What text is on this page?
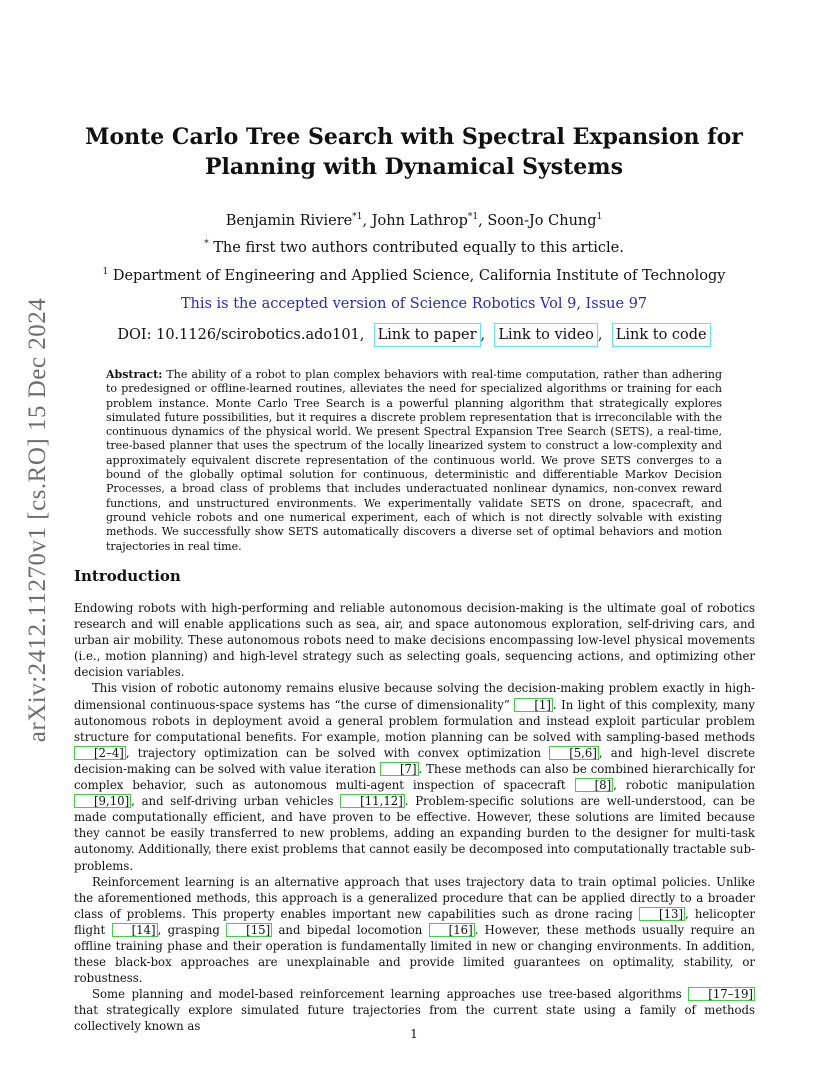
arXiv:2412.11270v1 [cs.RO] 15 Dec 2024
Monte Carlo Tree Search with Spectral Expansion for Planning with Dynamical Systems
Benjamin Riviere$^{*1}$, John Lathrop$^{*1}$, Soon-Jo Chung$^1$
* The first two authors contributed equally to this article.
$^1$ Department of Engineering and Applied Science, California Institute of Technology
This is the accepted version of Science Robotics Vol 9, Issue 97
DOI: 10.1126/scirobotics.ado101, Link to paper ,  Link to video ,  Link to code
Abstract: The ability of a robot to plan complex behaviors with real-time computation, rather than adhering to predesigned or offline-learned routines, alleviates the need for specialized algorithms or training for each problem instance. Monte Carlo Tree Search is a powerful planning algorithm that strategically explores simulated future possibilities, but it requires a discrete problem representation that is irreconcilable with the continuous dynamics of the physical world. We present Spectral Expansion Tree Search (SETS), a real-time, tree-based planner that uses the spectrum of the locally linearized system to construct a low-complexity and approximately equivalent discrete representation of the continuous world. We prove SETS converges to a bound of the globally optimal solution for continuous, deterministic and differentiable Markov Decision Processes, a broad class of problems that includes underactuated nonlinear dynamics, non-convex reward functions, and unstructured environments. We experimentally validate SETS on drone, spacecraft, and ground vehicle robots and one numerical experiment, each of which is not directly solvable with existing methods. We successfully show SETS automatically discovers a diverse set of optimal behaviors and motion trajectories in real time.
Introduction

Endowing robots with high-performing and reliable autonomous decision-making is the ultimate goal of robotics research and will enable applications such as sea, air, and space autonomous exploration, self-driving cars, and urban air mobility. These autonomous robots need to make decisions encompassing low-level physical movements (i.e., motion planning) and high-level strategy such as selecting goals, sequencing actions, and optimizing other decision variables.

This vision of robotic autonomy remains elusive because solving the decision-making problem exactly in high-dimensional continuous-space systems has “the curse of dimensionality” [1] . In light of this complexity, many autonomous robots in deployment avoid a general problem formulation and instead exploit particular problem structure for computational benefits. For example, motion planning can be solved with sampling-based methods [2–4] , trajectory optimization can be solved with convex optimization [5,6] , and high-level discrete decision-making can be solved with value iteration [7] . These methods can also be combined hierarchically for complex behavior, such as autonomous multi-agent inspection of spacecraft [8] , robotic manipulation [9,10] , and self-driving urban vehicles [11,12] . Problem-specific solutions are well-understood, can be made computationally efficient, and have proven to be effective. However, these solutions are limited because they cannot be easily transferred to new problems, adding an expanding burden to the designer for multi-task autonomy. Additionally, there exist problems that cannot easily be decomposed into computationally tractable sub-problems.

Reinforcement learning is an alternative approach that uses trajectory data to train optimal policies. Unlike the aforementioned methods, this approach is a generalized procedure that can be applied directly to a broader class of problems. This property enables important new capabilities such as drone racing [13] , helicopter flight [14] , grasping [15] and bipedal locomotion [16] . However, these methods usually require an offline training phase and their operation is fundamentally limited in new or changing environments. In addition, these black-box approaches are unexplainable and provide limited guarantees on optimality, stability, or robustness.

Some planning and model-based reinforcement learning approaches use tree-based algorithms [17–19] that strategically explore simulated future trajectories from the current state using a family of methods collectively known as

1
